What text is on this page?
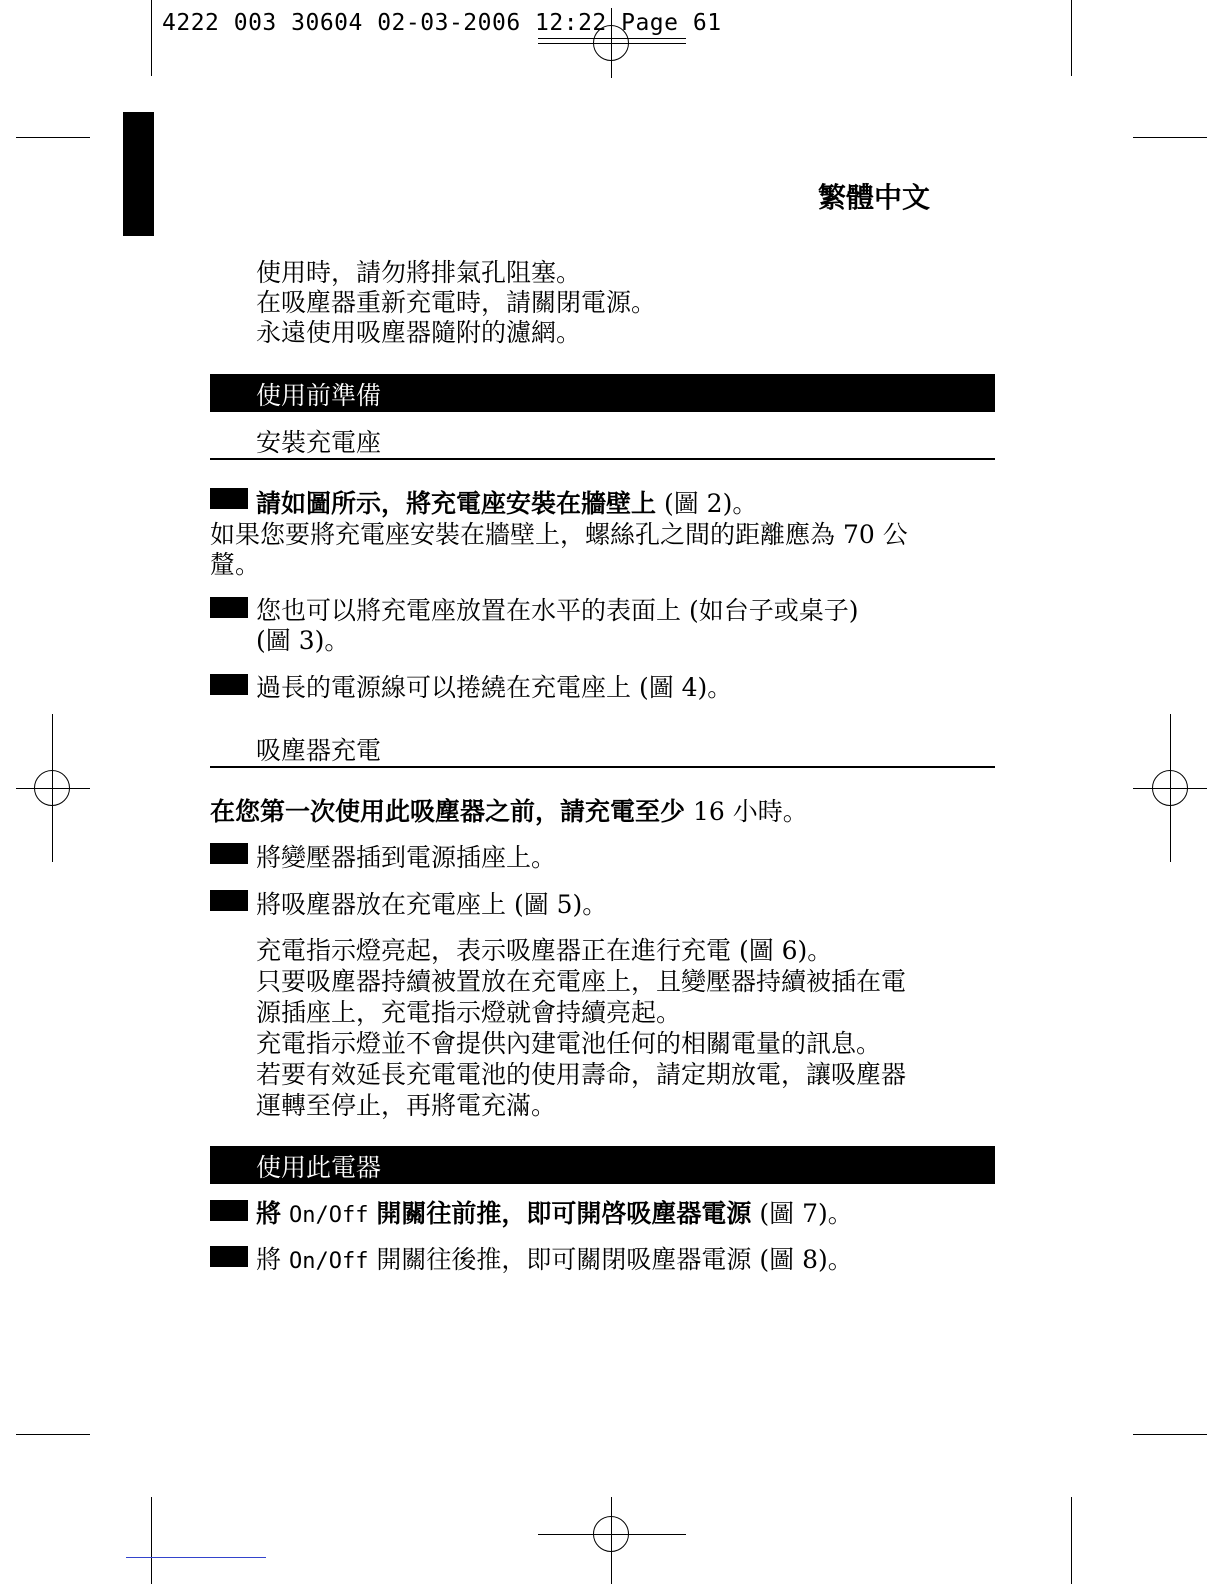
4222 003 30604 02-03-2006 12:22 Page 61
繁體中文
使用時，請勿將排氣孔阻塞。
在吸塵器重新充電時，請關閉電源。
永遠使用吸塵器隨附的濾網。
使用前準備
安裝充電座
請如圖所示，將充電座安裝在牆壁上 (圖 2)。
如果您要將充電座安裝在牆壁上，螺絲孔之間的距離應為 70 公
釐。
您也可以將充電座放置在水平的表面上 (如台子或桌子)
(圖 3)。
過長的電源線可以捲繞在充電座上 (圖 4)。
吸塵器充電
在您第一次使用此吸塵器之前，請充電至少 16 小時。
將變壓器插到電源插座上。
將吸塵器放在充電座上 (圖 5)。
充電指示燈亮起，表示吸塵器正在進行充電 (圖 6)。
只要吸塵器持續被置放在充電座上，且變壓器持續被插在電
源插座上，充電指示燈就會持續亮起。
充電指示燈並不會提供內建電池任何的相關電量的訊息。
若要有效延長充電電池的使用壽命，請定期放電，讓吸塵器
運轉至停止，再將電充滿。
使用此電器
將 On/Off 開關往前推，即可開啓吸塵器電源 (圖 7)。
將 On/Off 開關往後推，即可關閉吸塵器電源 (圖 8)。
